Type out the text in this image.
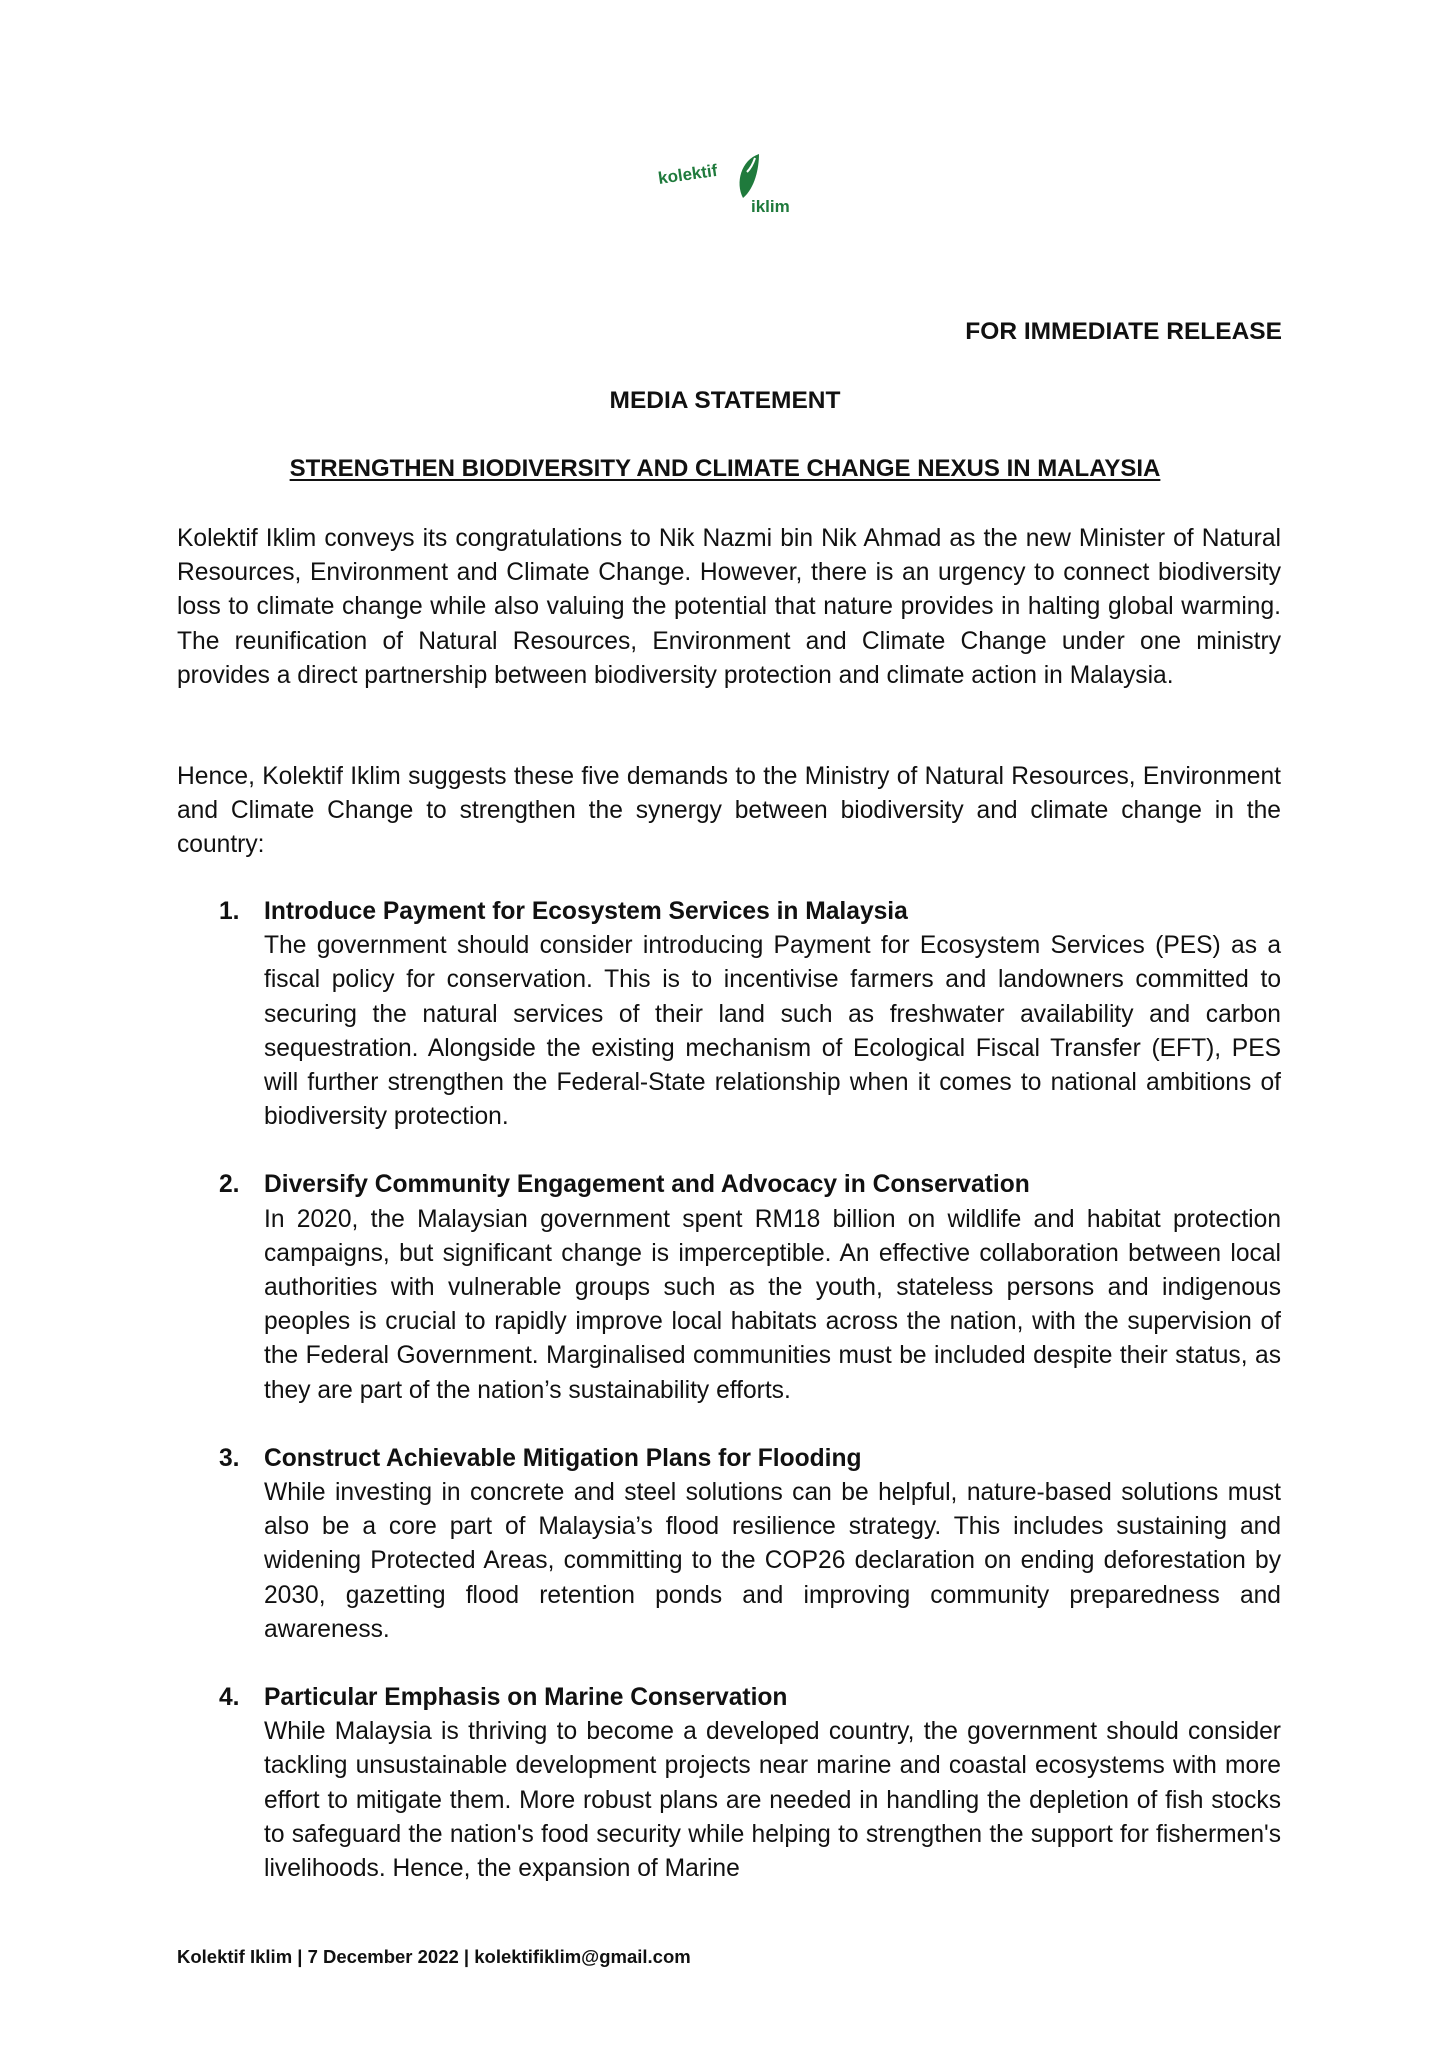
kolektif
iklim
FOR IMMEDIATE RELEASE
MEDIA STATEMENT
STRENGTHEN BIODIVERSITY AND CLIMATE CHANGE NEXUS IN MALAYSIA
Kolektif Iklim conveys its congratulations to Nik Nazmi bin Nik Ahmad as the new Minister of Natural Resources, Environment and Climate Change. However, there is an urgency to connect biodiversity loss to climate change while also valuing the potential that nature provides in halting global warming. The reunification of Natural Resources, Environment and Climate Change under one ministry provides a direct partnership between biodiversity protection and climate action in Malaysia.
Hence, Kolektif Iklim suggests these five demands to the Ministry of Natural Resources, Environment and Climate Change to strengthen the synergy between biodiversity and climate change in the country:
1. Introduce Payment for Ecosystem Services in Malaysia
The government should consider introducing Payment for Ecosystem Services (PES) as a fiscal policy for conservation. This is to incentivise farmers and landowners committed to securing the natural services of their land such as freshwater availability and carbon sequestration. Alongside the existing mechanism of Ecological Fiscal Transfer (EFT), PES will further strengthen the Federal-State relationship when it comes to national ambitions of biodiversity protection.
2. Diversify Community Engagement and Advocacy in Conservation
In 2020, the Malaysian government spent RM18 billion on wildlife and habitat protection campaigns, but significant change is imperceptible. An effective collaboration between local authorities with vulnerable groups such as the youth, stateless persons and indigenous peoples is crucial to rapidly improve local habitats across the nation, with the supervision of the Federal Government. Marginalised communities must be included despite their status, as they are part of the nation’s sustainability efforts.
3. Construct Achievable Mitigation Plans for Flooding
While investing in concrete and steel solutions can be helpful, nature-based solutions must also be a core part of Malaysia’s flood resilience strategy. This includes sustaining and widening Protected Areas, committing to the COP26 declaration on ending deforestation by 2030, gazetting flood retention ponds and improving community preparedness and awareness.
4. Particular Emphasis on Marine Conservation
While Malaysia is thriving to become a developed country, the government should consider tackling unsustainable development projects near marine and coastal ecosystems with more effort to mitigate them. More robust plans are needed in handling the depletion of fish stocks to safeguard the nation's food security while helping to strengthen the support for fishermen's livelihoods. Hence, the expansion of Marine
Kolektif Iklim | 7 December 2022 | kolektifiklim@gmail.com
